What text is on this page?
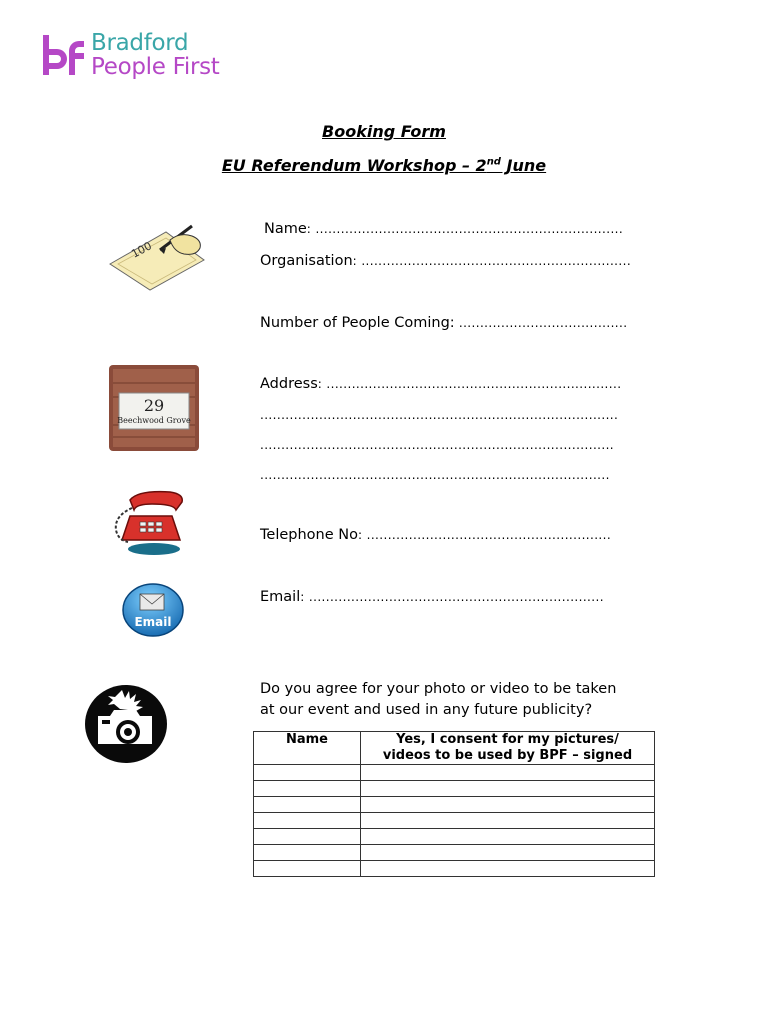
Bradford
People First
Booking Form
EU Referendum Workshop – 2nd June
100
Name: .........................................................................
Organisation: ................................................................
Number of People Coming: ........................................
29
Beechwood Grove
Address: ......................................................................
.....................................................................................
....................................................................................
...................................................................................
Telephone No: ..........................................................
Email
Email: ......................................................................
Do you agree for your photo or video to be taken
at our event and used in any future publicity?
Name	Yes, I consent for my pictures/
videos to be used by BPF – signed
